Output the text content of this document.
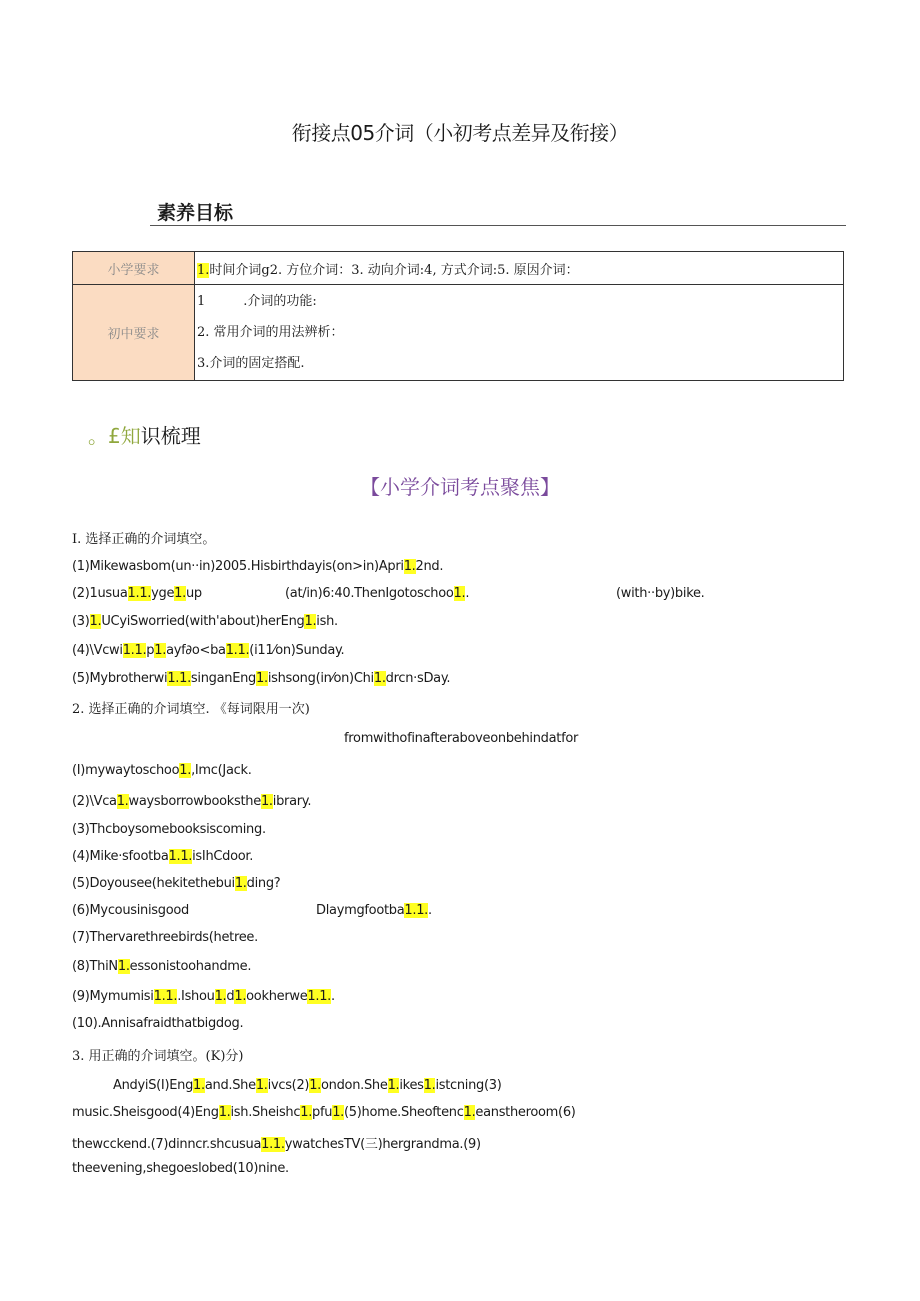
衔接点05介词（小初考点差异及衔接）
素养目标
小学要求	1.时间介词g2. 方位介词：3. 动向介词:4, 方式介词:5. 原因介词：
初中要求	1 .介词的功能:
2. 常用介词的用法辨析：
3.介词的固定搭配.
。£知识梳理
【小学介词考点聚焦】
I. 选择正确的介词填空。
(1)Mikewasbom(un··in)2005.Hisbirthdayis(on>in)Apri1.2nd.
(2)1usua1.1.yge1.up	(at/in)6:40.ThenIgotoschoo1..	(with··by)bike.
(3)1.UCyiSworried(with'about)herEng1.ish.
(4)\Vcwi1.1.p1.ayf∂o<ba1.1.(i11⁄on)Sunday.
(5)Mybrotherwi1.1.singanEng1.ishsong(in⁄on)Chi1.drcn·sDay.
2. 选择正确的介词填空. 《每词限用一次)
fromwithofinafteraboveonbehindatfor
(I)mywaytoschoo1.,Imc(Jack.
(2)\Vca1.waysborrowbooksthe1.ibrary.
(3)Thcboysomebooksiscoming.
(4)Mike·sfootba1.1.isIhCdoor.
(5)Doyousee(hekitethebui1.ding?
(6)Mycousinisgood	Dlaymgfootba1.1..
(7)Thervarethreebirds(hetree.
(8)ThiN1.essonistoohandme.
(9)Mymumisi1.1..Ishou1.d1.ookherwe1.1..
(10).Annisafraidthatbigdog.
3. 用正确的介词填空。(K)分)
AndyiS(I)Eng1.and.She1.ivcs(2)1.ondon.She1.ikes1.istcning(3)
music.Sheisgood(4)Eng1.ish.Sheishc1.pfu1.(5)home.Sheoftenc1.eanstheroom(6)
thewcckend.(7)dinncr.shcusua1.1.ywatchesTV(三)hergrandma.(9)
theevening,shegoeslobed(10)nine.
